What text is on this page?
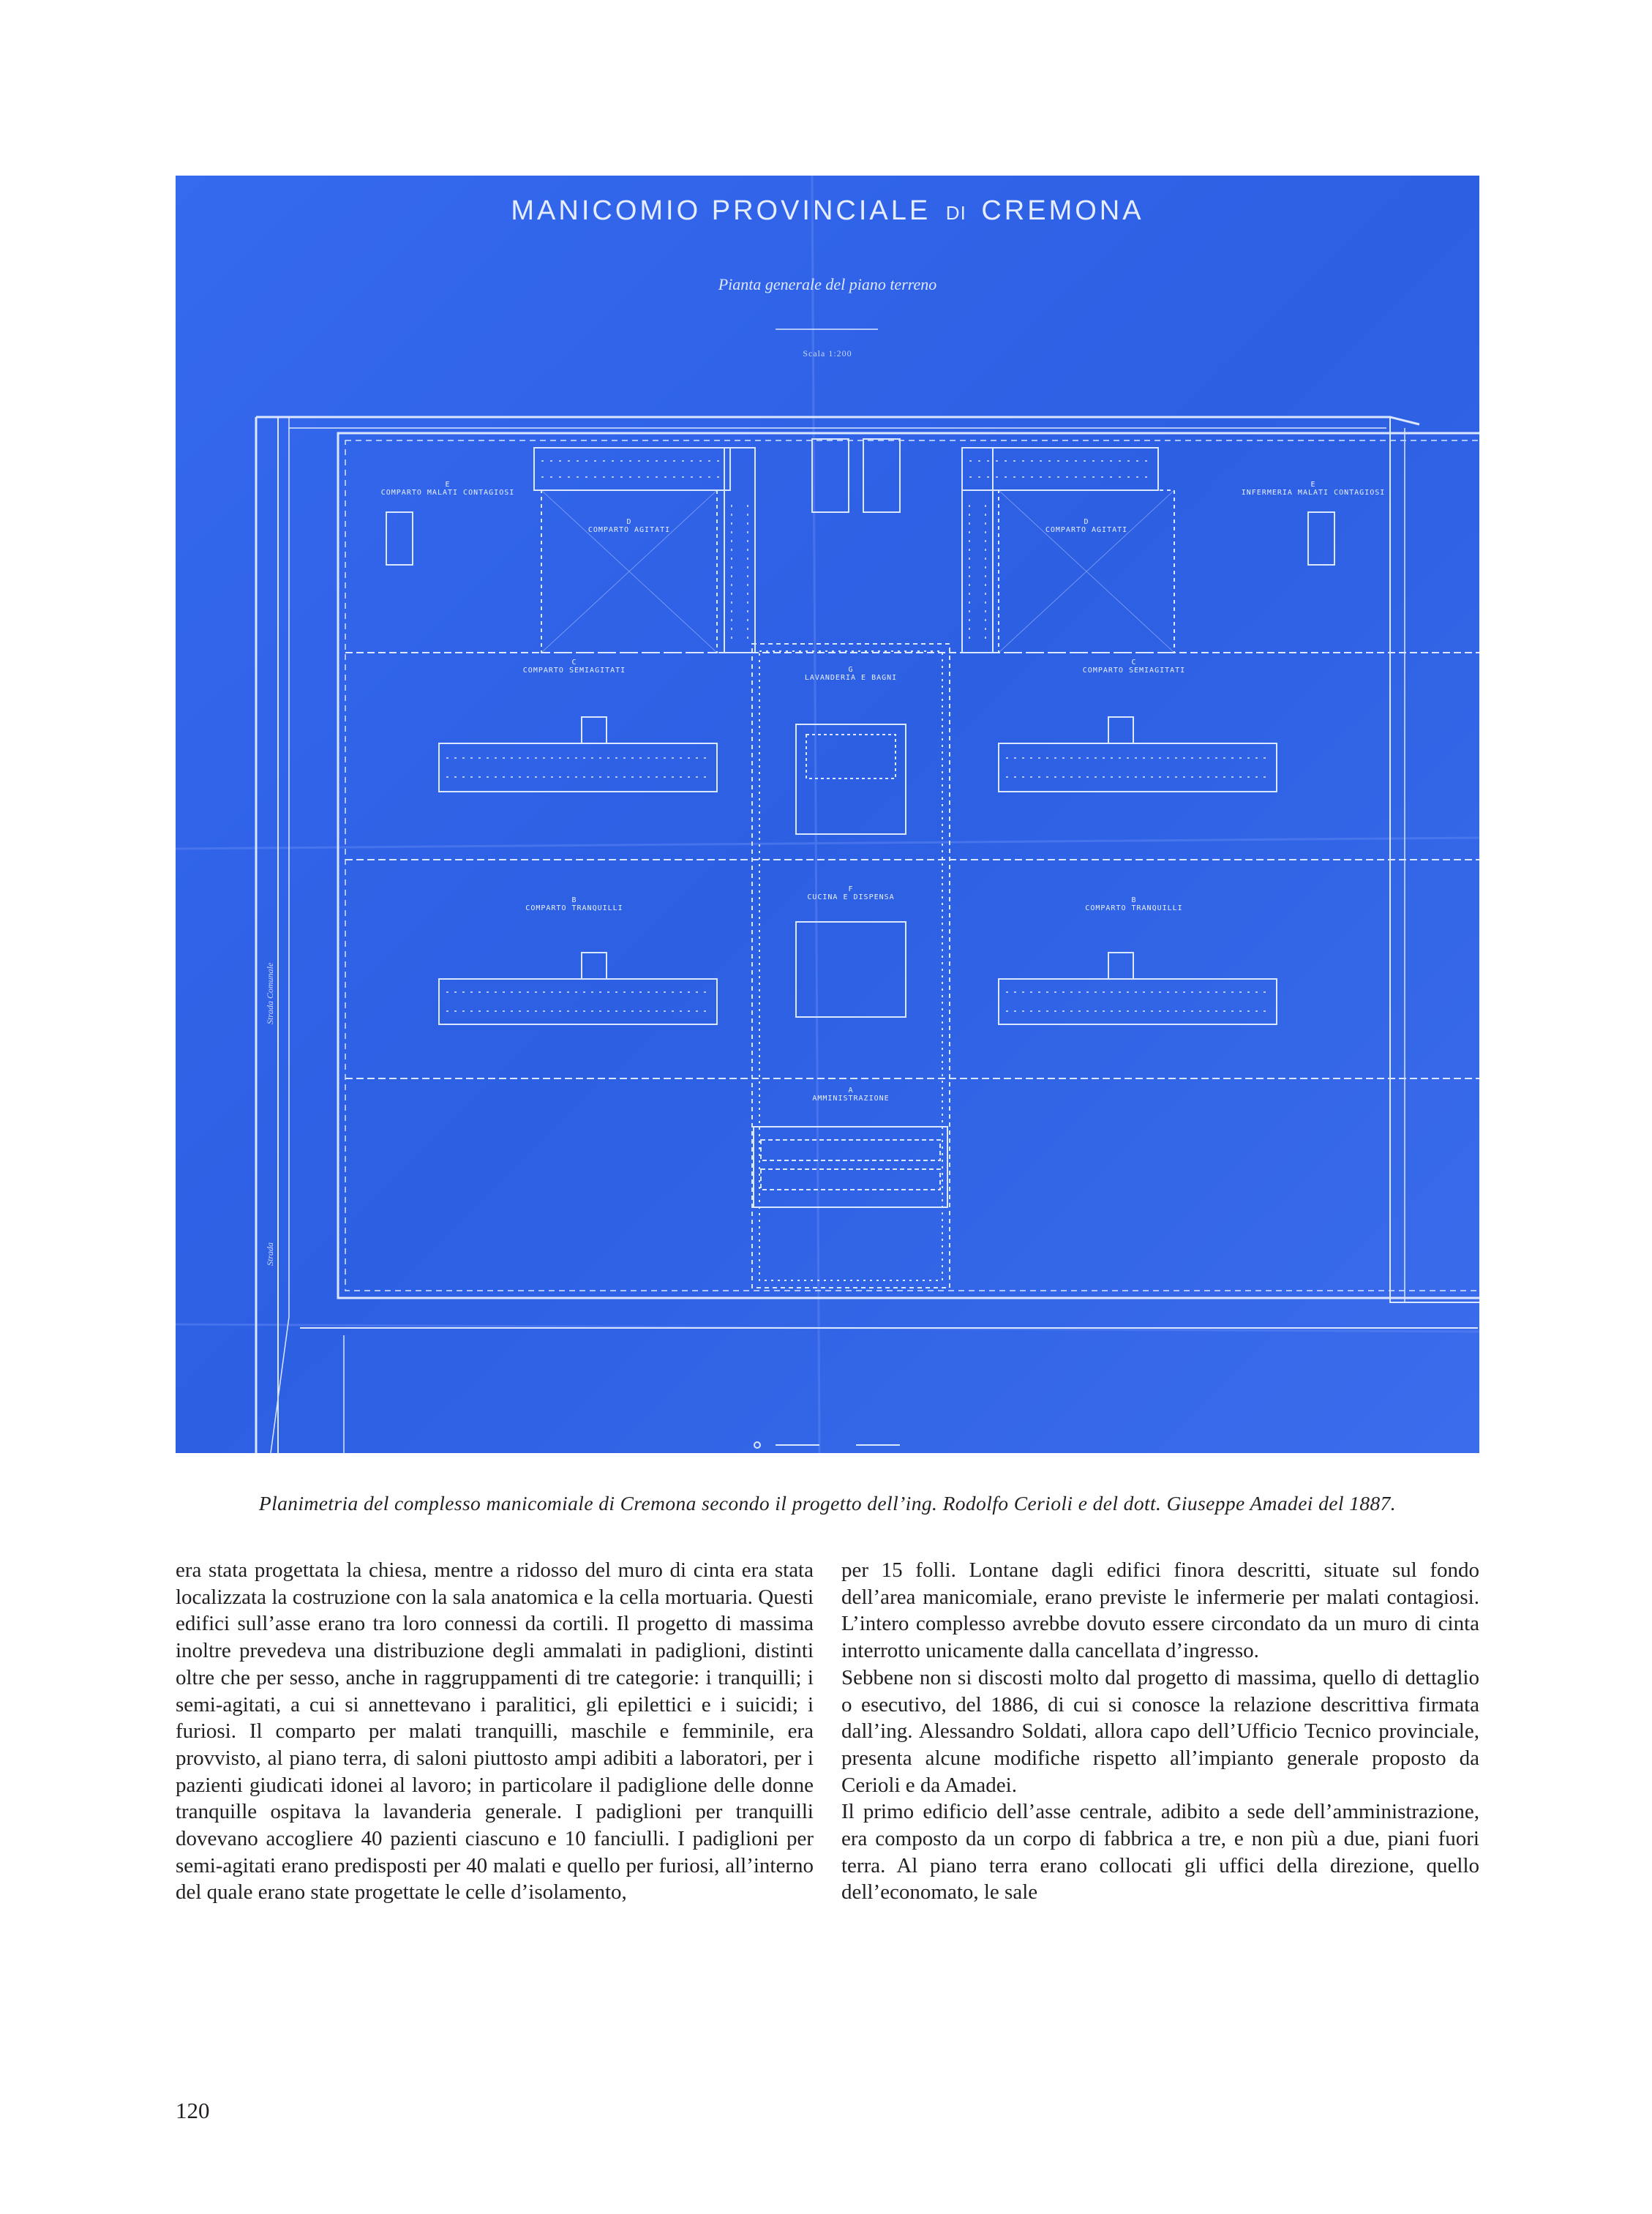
MANICOMIO PROVINCIALE DI CREMONA
Pianta generale del piano terreno
Scala 1:200
E
COMPARTO MALATI CONTAGIOSI
D
COMPARTO AGITATI
E
INFERMERIA MALATI CONTAGIOSI
D
COMPARTO AGITATI
C
COMPARTO SEMIAGITATI
C
COMPARTO SEMIAGITATI
G
LAVANDERIA E BAGNI
B
COMPARTO TRANQUILLI
B
COMPARTO TRANQUILLI
F
CUCINA E DISPENSA
A
AMMINISTRAZIONE
Strada Comunale
Strada
Planimetria del complesso manicomiale di Cremona secondo il progetto dell’ing. Rodolfo Cerioli e del dott. Giuseppe Amadei del 1887.

era stata progettata la chiesa, mentre a ridosso del muro di cinta era stata localizzata la costruzione con la sala anatomica e la cella mortuaria. Questi edifici sull’asse erano tra loro connessi da cortili. Il progetto di massima inoltre prevedeva una distribuzione degli ammalati in padiglioni, distinti oltre che per sesso, anche in raggruppamenti di tre categorie: i tranquilli; i semi-agitati, a cui si annettevano i paralitici, gli epilettici e i suicidi; i furiosi. Il comparto per malati tranquilli, maschile e femminile, era provvisto, al piano terra, di saloni piuttosto ampi adibiti a laboratori, per i pazienti giudicati idonei al lavoro; in particolare il padiglione delle donne tranquille ospitava la lavanderia generale. I padiglioni per tranquilli dovevano accogliere 40 pazienti ciascuno e 10 fanciulli. I padiglioni per semi-agitati erano predisposti per 40 malati e quello per furiosi, all’interno del quale erano state progettate le celle d’isolamento,

per 15 folli. Lontane dagli edifici finora descritti, situate sul fondo dell’area manicomiale, erano previste le infermerie per malati contagiosi. L’intero complesso avrebbe dovuto essere circondato da un muro di cinta interrotto unicamente dalla cancellata d’ingresso.

Sebbene non si discosti molto dal progetto di massima, quello di dettaglio o esecutivo, del 1886, di cui si conosce la relazione descrittiva firmata dall’ing. Alessandro Soldati, allora capo dell’Ufficio Tecnico provinciale, presenta alcune modifiche rispetto all’impianto generale proposto da Cerioli e da Amadei.

Il primo edificio dell’asse centrale, adibito a sede dell’amministrazione, era composto da un corpo di fabbrica a tre, e non più a due, piani fuori terra. Al piano terra erano collocati gli uffici della direzione, quello dell’economato, le sale

120
